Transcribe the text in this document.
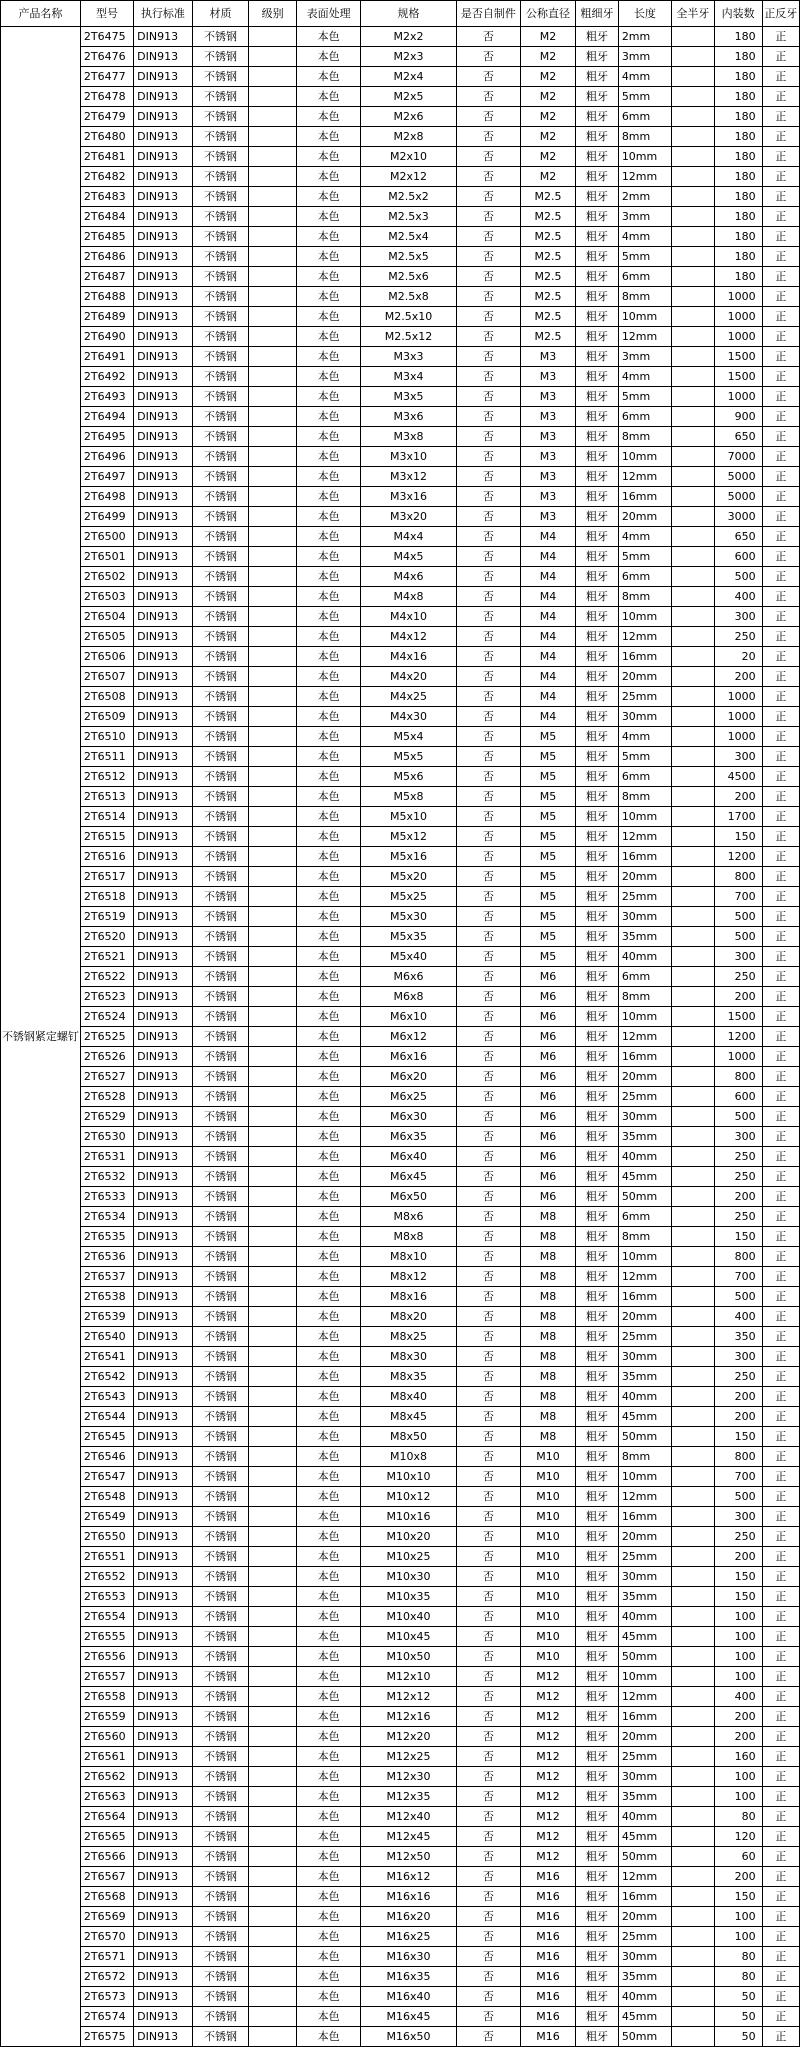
产品名称	型号	执行标准	材质	级别	表面处理	规格	是否自制件	公称直径	粗细牙	长度	全半牙	内装数	正反牙
不锈钢紧定螺钉	2T6475	DIN913	不锈钢		本色	M2x2	否	M2	粗牙	2mm		180	正
	2T6476	DIN913	不锈钢		本色	M2x3	否	M2	粗牙	3mm		180	正
	2T6477	DIN913	不锈钢		本色	M2x4	否	M2	粗牙	4mm		180	正
	2T6478	DIN913	不锈钢		本色	M2x5	否	M2	粗牙	5mm		180	正
	2T6479	DIN913	不锈钢		本色	M2x6	否	M2	粗牙	6mm		180	正
	2T6480	DIN913	不锈钢		本色	M2x8	否	M2	粗牙	8mm		180	正
	2T6481	DIN913	不锈钢		本色	M2x10	否	M2	粗牙	10mm		180	正
	2T6482	DIN913	不锈钢		本色	M2x12	否	M2	粗牙	12mm		180	正
	2T6483	DIN913	不锈钢		本色	M2.5x2	否	M2.5	粗牙	2mm		180	正
	2T6484	DIN913	不锈钢		本色	M2.5x3	否	M2.5	粗牙	3mm		180	正
	2T6485	DIN913	不锈钢		本色	M2.5x4	否	M2.5	粗牙	4mm		180	正
	2T6486	DIN913	不锈钢		本色	M2.5x5	否	M2.5	粗牙	5mm		180	正
	2T6487	DIN913	不锈钢		本色	M2.5x6	否	M2.5	粗牙	6mm		180	正
	2T6488	DIN913	不锈钢		本色	M2.5x8	否	M2.5	粗牙	8mm		1000	正
	2T6489	DIN913	不锈钢		本色	M2.5x10	否	M2.5	粗牙	10mm		1000	正
	2T6490	DIN913	不锈钢		本色	M2.5x12	否	M2.5	粗牙	12mm		1000	正
	2T6491	DIN913	不锈钢		本色	M3x3	否	M3	粗牙	3mm		1500	正
	2T6492	DIN913	不锈钢		本色	M3x4	否	M3	粗牙	4mm		1500	正
	2T6493	DIN913	不锈钢		本色	M3x5	否	M3	粗牙	5mm		1000	正
	2T6494	DIN913	不锈钢		本色	M3x6	否	M3	粗牙	6mm		900	正
	2T6495	DIN913	不锈钢		本色	M3x8	否	M3	粗牙	8mm		650	正
	2T6496	DIN913	不锈钢		本色	M3x10	否	M3	粗牙	10mm		7000	正
	2T6497	DIN913	不锈钢		本色	M3x12	否	M3	粗牙	12mm		5000	正
	2T6498	DIN913	不锈钢		本色	M3x16	否	M3	粗牙	16mm		5000	正
	2T6499	DIN913	不锈钢		本色	M3x20	否	M3	粗牙	20mm		3000	正
	2T6500	DIN913	不锈钢		本色	M4x4	否	M4	粗牙	4mm		650	正
	2T6501	DIN913	不锈钢		本色	M4x5	否	M4	粗牙	5mm		600	正
	2T6502	DIN913	不锈钢		本色	M4x6	否	M4	粗牙	6mm		500	正
	2T6503	DIN913	不锈钢		本色	M4x8	否	M4	粗牙	8mm		400	正
	2T6504	DIN913	不锈钢		本色	M4x10	否	M4	粗牙	10mm		300	正
	2T6505	DIN913	不锈钢		本色	M4x12	否	M4	粗牙	12mm		250	正
	2T6506	DIN913	不锈钢		本色	M4x16	否	M4	粗牙	16mm		20	正
	2T6507	DIN913	不锈钢		本色	M4x20	否	M4	粗牙	20mm		200	正
	2T6508	DIN913	不锈钢		本色	M4x25	否	M4	粗牙	25mm		1000	正
	2T6509	DIN913	不锈钢		本色	M4x30	否	M4	粗牙	30mm		1000	正
	2T6510	DIN913	不锈钢		本色	M5x4	否	M5	粗牙	4mm		1000	正
	2T6511	DIN913	不锈钢		本色	M5x5	否	M5	粗牙	5mm		300	正
	2T6512	DIN913	不锈钢		本色	M5x6	否	M5	粗牙	6mm		4500	正
	2T6513	DIN913	不锈钢		本色	M5x8	否	M5	粗牙	8mm		200	正
	2T6514	DIN913	不锈钢		本色	M5x10	否	M5	粗牙	10mm		1700	正
	2T6515	DIN913	不锈钢		本色	M5x12	否	M5	粗牙	12mm		150	正
	2T6516	DIN913	不锈钢		本色	M5x16	否	M5	粗牙	16mm		1200	正
	2T6517	DIN913	不锈钢		本色	M5x20	否	M5	粗牙	20mm		800	正
	2T6518	DIN913	不锈钢		本色	M5x25	否	M5	粗牙	25mm		700	正
	2T6519	DIN913	不锈钢		本色	M5x30	否	M5	粗牙	30mm		500	正
	2T6520	DIN913	不锈钢		本色	M5x35	否	M5	粗牙	35mm		500	正
	2T6521	DIN913	不锈钢		本色	M5x40	否	M5	粗牙	40mm		300	正
	2T6522	DIN913	不锈钢		本色	M6x6	否	M6	粗牙	6mm		250	正
	2T6523	DIN913	不锈钢		本色	M6x8	否	M6	粗牙	8mm		200	正
	2T6524	DIN913	不锈钢		本色	M6x10	否	M6	粗牙	10mm		1500	正
	2T6525	DIN913	不锈钢		本色	M6x12	否	M6	粗牙	12mm		1200	正
	2T6526	DIN913	不锈钢		本色	M6x16	否	M6	粗牙	16mm		1000	正
	2T6527	DIN913	不锈钢		本色	M6x20	否	M6	粗牙	20mm		800	正
	2T6528	DIN913	不锈钢		本色	M6x25	否	M6	粗牙	25mm		600	正
	2T6529	DIN913	不锈钢		本色	M6x30	否	M6	粗牙	30mm		500	正
	2T6530	DIN913	不锈钢		本色	M6x35	否	M6	粗牙	35mm		300	正
	2T6531	DIN913	不锈钢		本色	M6x40	否	M6	粗牙	40mm		250	正
	2T6532	DIN913	不锈钢		本色	M6x45	否	M6	粗牙	45mm		250	正
	2T6533	DIN913	不锈钢		本色	M6x50	否	M6	粗牙	50mm		200	正
	2T6534	DIN913	不锈钢		本色	M8x6	否	M8	粗牙	6mm		250	正
	2T6535	DIN913	不锈钢		本色	M8x8	否	M8	粗牙	8mm		150	正
	2T6536	DIN913	不锈钢		本色	M8x10	否	M8	粗牙	10mm		800	正
	2T6537	DIN913	不锈钢		本色	M8x12	否	M8	粗牙	12mm		700	正
	2T6538	DIN913	不锈钢		本色	M8x16	否	M8	粗牙	16mm		500	正
	2T6539	DIN913	不锈钢		本色	M8x20	否	M8	粗牙	20mm		400	正
	2T6540	DIN913	不锈钢		本色	M8x25	否	M8	粗牙	25mm		350	正
	2T6541	DIN913	不锈钢		本色	M8x30	否	M8	粗牙	30mm		300	正
	2T6542	DIN913	不锈钢		本色	M8x35	否	M8	粗牙	35mm		250	正
	2T6543	DIN913	不锈钢		本色	M8x40	否	M8	粗牙	40mm		200	正
	2T6544	DIN913	不锈钢		本色	M8x45	否	M8	粗牙	45mm		200	正
	2T6545	DIN913	不锈钢		本色	M8x50	否	M8	粗牙	50mm		150	正
	2T6546	DIN913	不锈钢		本色	M10x8	否	M10	粗牙	8mm		800	正
	2T6547	DIN913	不锈钢		本色	M10x10	否	M10	粗牙	10mm		700	正
	2T6548	DIN913	不锈钢		本色	M10x12	否	M10	粗牙	12mm		500	正
	2T6549	DIN913	不锈钢		本色	M10x16	否	M10	粗牙	16mm		300	正
	2T6550	DIN913	不锈钢		本色	M10x20	否	M10	粗牙	20mm		250	正
	2T6551	DIN913	不锈钢		本色	M10x25	否	M10	粗牙	25mm		200	正
	2T6552	DIN913	不锈钢		本色	M10x30	否	M10	粗牙	30mm		150	正
	2T6553	DIN913	不锈钢		本色	M10x35	否	M10	粗牙	35mm		150	正
	2T6554	DIN913	不锈钢		本色	M10x40	否	M10	粗牙	40mm		100	正
	2T6555	DIN913	不锈钢		本色	M10x45	否	M10	粗牙	45mm		100	正
	2T6556	DIN913	不锈钢		本色	M10x50	否	M10	粗牙	50mm		100	正
	2T6557	DIN913	不锈钢		本色	M12x10	否	M12	粗牙	10mm		100	正
	2T6558	DIN913	不锈钢		本色	M12x12	否	M12	粗牙	12mm		400	正
	2T6559	DIN913	不锈钢		本色	M12x16	否	M12	粗牙	16mm		200	正
	2T6560	DIN913	不锈钢		本色	M12x20	否	M12	粗牙	20mm		200	正
	2T6561	DIN913	不锈钢		本色	M12x25	否	M12	粗牙	25mm		160	正
	2T6562	DIN913	不锈钢		本色	M12x30	否	M12	粗牙	30mm		100	正
	2T6563	DIN913	不锈钢		本色	M12x35	否	M12	粗牙	35mm		100	正
	2T6564	DIN913	不锈钢		本色	M12x40	否	M12	粗牙	40mm		80	正
	2T6565	DIN913	不锈钢		本色	M12x45	否	M12	粗牙	45mm		120	正
	2T6566	DIN913	不锈钢		本色	M12x50	否	M12	粗牙	50mm		60	正
	2T6567	DIN913	不锈钢		本色	M16x12	否	M16	粗牙	12mm		200	正
	2T6568	DIN913	不锈钢		本色	M16x16	否	M16	粗牙	16mm		150	正
	2T6569	DIN913	不锈钢		本色	M16x20	否	M16	粗牙	20mm		100	正
	2T6570	DIN913	不锈钢		本色	M16x25	否	M16	粗牙	25mm		100	正
	2T6571	DIN913	不锈钢		本色	M16x30	否	M16	粗牙	30mm		80	正
	2T6572	DIN913	不锈钢		本色	M16x35	否	M16	粗牙	35mm		80	正
	2T6573	DIN913	不锈钢		本色	M16x40	否	M16	粗牙	40mm		50	正
	2T6574	DIN913	不锈钢		本色	M16x45	否	M16	粗牙	45mm		50	正
	2T6575	DIN913	不锈钢		本色	M16x50	否	M16	粗牙	50mm		50	正
